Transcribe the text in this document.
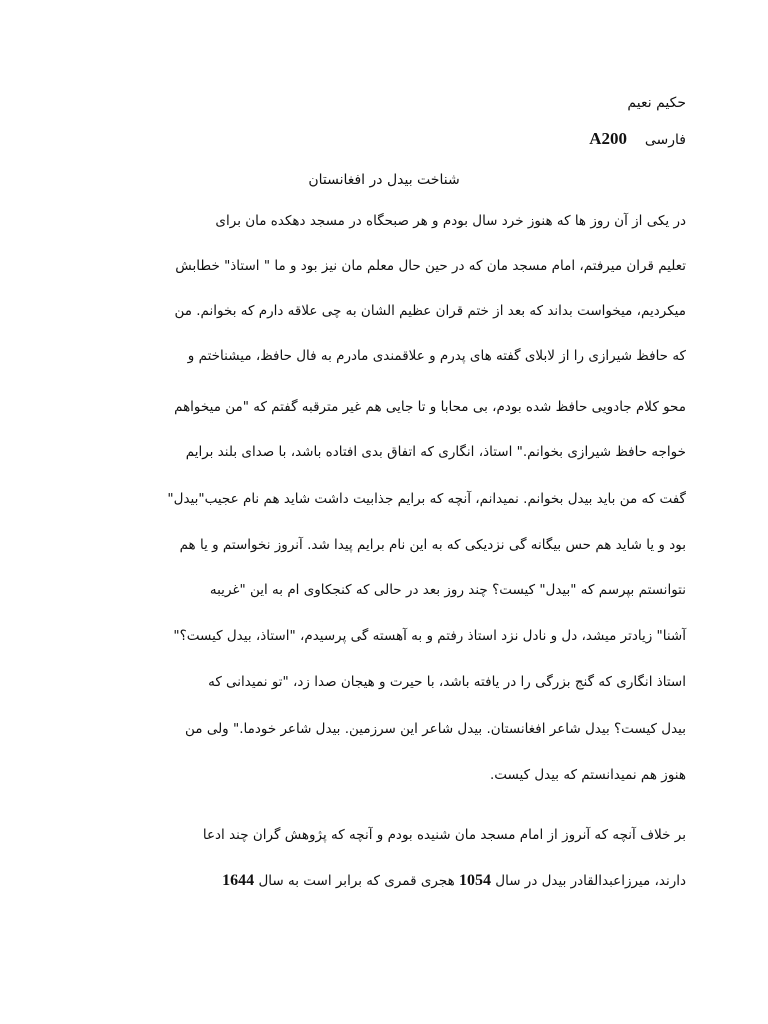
حکیم نعیم
فارسی    A200
شناخت بیدل در افغانستان
در یکی از آن روز ها که هنوز خرد سال بودم و هر صبحگاه در مسجد دهکده مان برای
تعلیم قران میرفتم، امام مسجد مان که در حین حال معلم مان نیز بود و ما " استاذ" خطابش
میکردیم، میخواست بداند که بعد از ختم قران عظیم الشان به چی علاقه دارم که بخوانم. من
که حافظ شیرازی را از لابلای گفته های پدرم و علاقمندی مادرم به فال حافظ، میشناختم و
محو کلام جادویی حافظ شده بودم، بی محابا و تا جایی هم غیر مترقبه گفتم که "من میخواهم
خواجه حافظ شیرازی بخوانم." استاذ، انگاری که اتفاق بدی افتاده باشد، با صدای بلند برایم
گفت که من باید بیدل بخوانم. نمیدانم، آنچه که برایم جذابیت داشت شاید هم نام عجیب"بیدل"
بود و یا شاید هم حس بیگانه گی نزدیکی که به این نام برایم پیدا شد. آنروز نخواستم و یا هم
نتوانستم بپرسم که "بیدل" کیست؟ چند روز بعد در حالی که کنجکاوی ام به این "غریبه
آشنا" زیادتر میشد، دل و نادل نزد استاذ رفتم و به آهسته گی پرسیدم، "استاذ، بیدل کیست؟"
استاذ انگاری که گنج بزرگی را در یافته باشد، با حیرت و هیجان صدا زد، "تو نمیدانی که
بیدل کیست؟ بیدل شاعر افغانستان. بیدل شاعر این سرزمین. بیدل شاعر خودما." ولی من
هنوز هم نمیدانستم که بیدل کیست.
بر خلاف آنچه که آنروز از امام مسجد مان شنیده بودم و آنچه که پژوهش گران چند ادعا
دارند، میرزاعبدالقادر بیدل در سال 1054 هجری قمری که برابر است به سال 1644
